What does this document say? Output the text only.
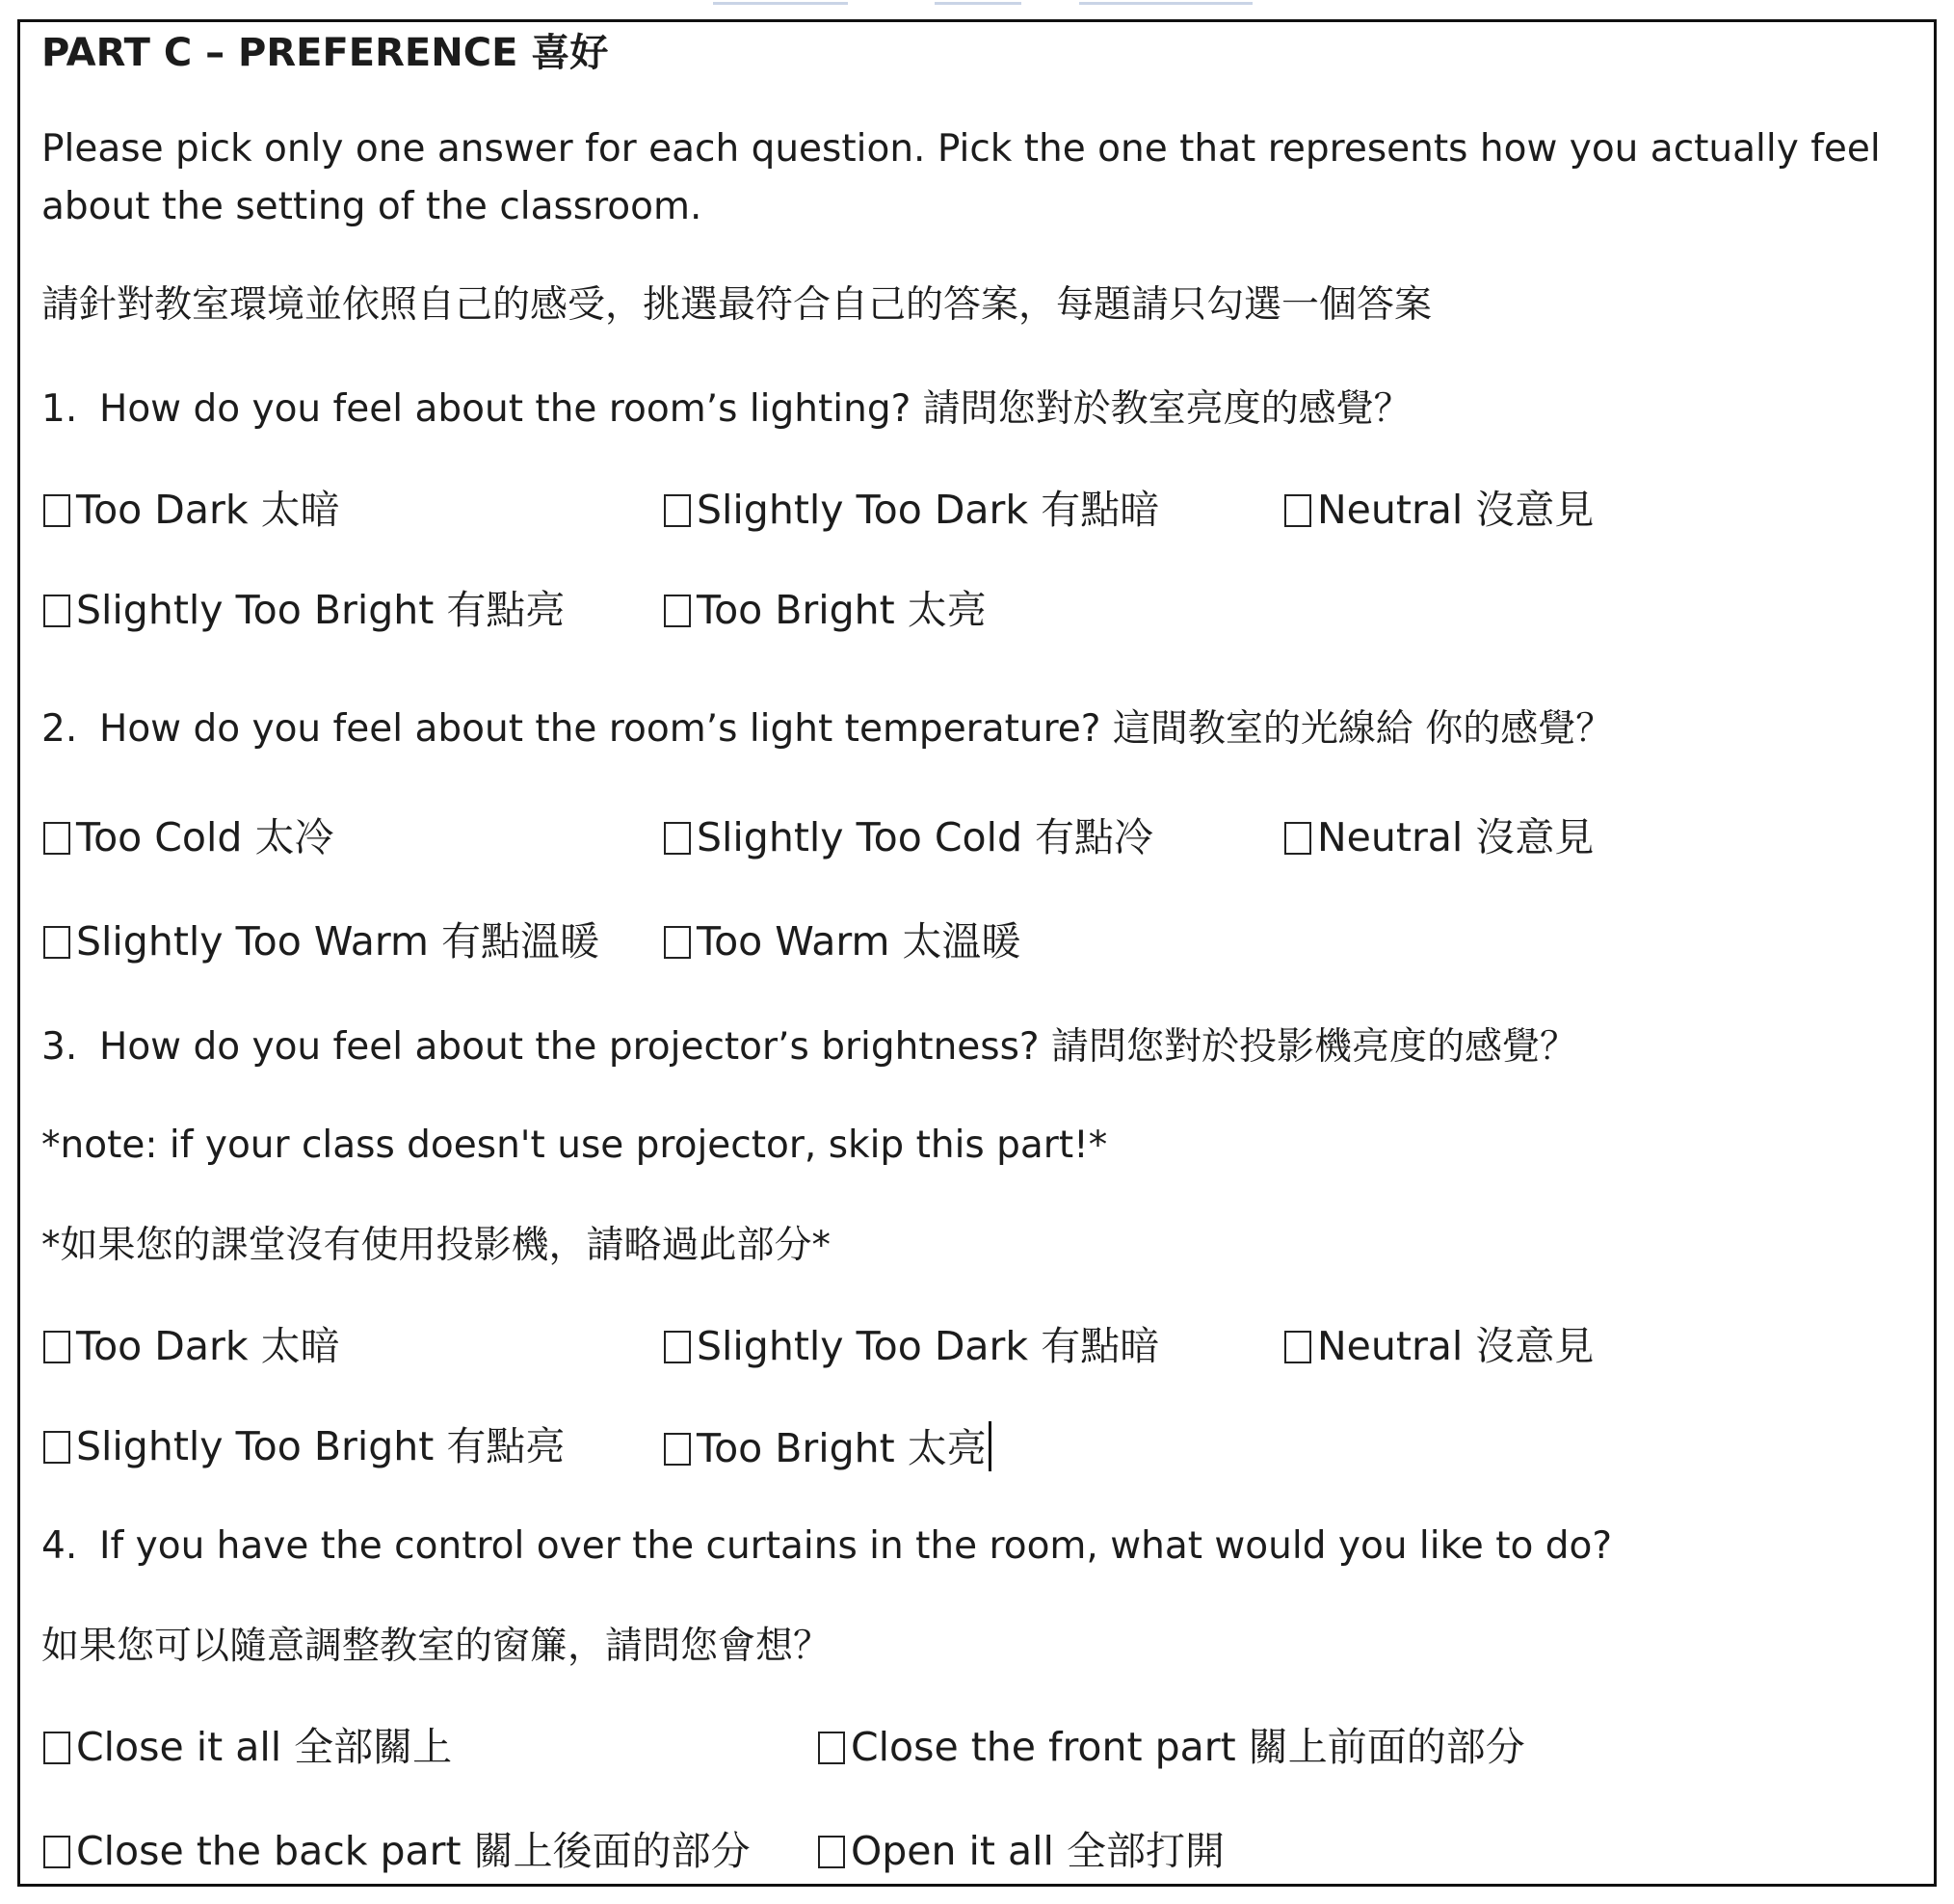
PART C – PREFERENCE 喜好
Please pick only one answer for each question. Pick the one that represents how you actually feel
about the setting of the classroom.
請針對教室環境並依照自己的感受，挑選最符合自己的答案，每題請只勾選一個答案
1. How do you feel about the room’s lighting? 請問您對於教室亮度的感覺？
Too Dark 太暗	Slightly Too Dark 有點暗	Neutral 沒意見
Slightly Too Bright 有點亮	Too Bright 太亮
2. How do you feel about the room’s light temperature? 這間教室的光線給 你的感覺？
Too Cold 太冷	Slightly Too Cold 有點冷	Neutral 沒意見
Slightly Too Warm 有點溫暖	Too Warm 太溫暖
3. How do you feel about the projector’s brightness? 請問您對於投影機亮度的感覺？
*note: if your class doesn't use projector, skip this part!*
*如果您的課堂沒有使用投影機，請略過此部分*
Too Dark 太暗	Slightly Too Dark 有點暗	Neutral 沒意見
Slightly Too Bright 有點亮	Too Bright 太亮
4. If you have the control over the curtains in the room, what would you like to do?
如果您可以隨意調整教室的窗簾，請問您會想？
Close it all 全部關上	Close the front part 關上前面的部分
Close the back part 關上後面的部分	Open it all 全部打開
